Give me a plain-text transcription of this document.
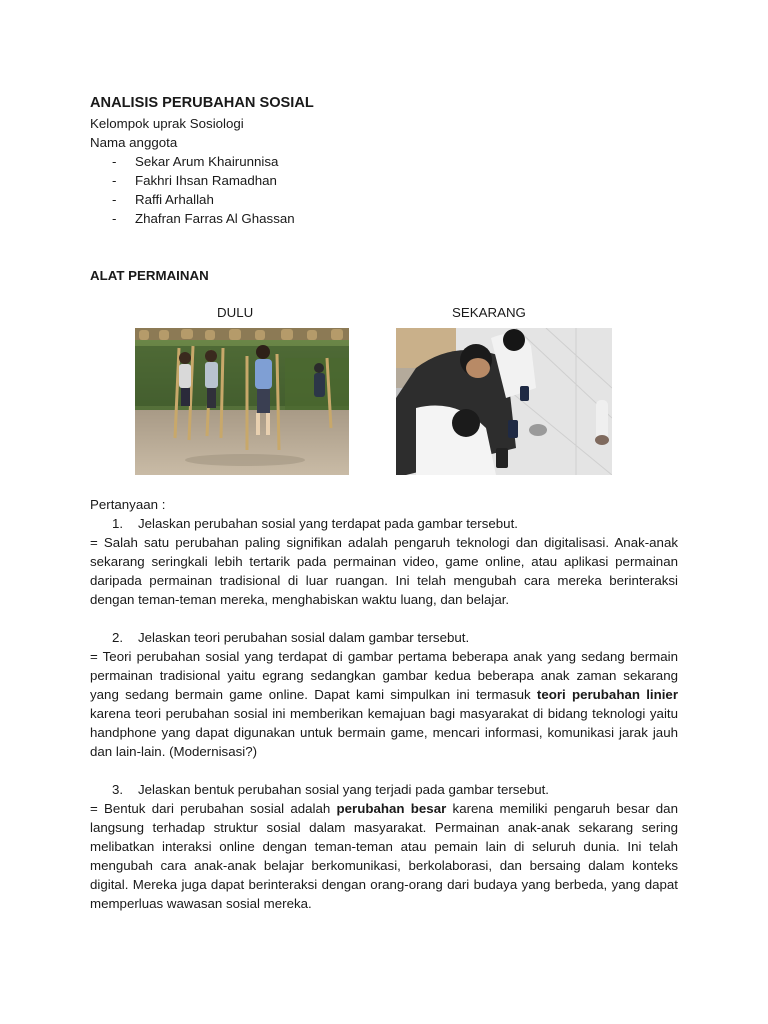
ANALISIS PERUBAHAN SOSIAL

Kelompok uprak Sosiologi

Nama anggota

- Sekar Arum Khairunnisa
- Fakhri Ihsan Ramadhan
- Raffi Arhallah
- Zhafran Farras Al Ghassan
ALAT PERMAINAN
DULU	SEKARANG
Pertanyaan :
1. Jelaskan perubahan sosial yang terdapat pada gambar tersebut.

= Salah satu perubahan paling signifikan adalah pengaruh teknologi dan digitalisasi. Anak-anak sekarang seringkali lebih tertarik pada permainan video, game online, atau aplikasi permainan daripada permainan tradisional di luar ruangan. Ini telah mengubah cara mereka berinteraksi dengan teman-teman mereka, menghabiskan waktu luang, dan belajar.

2. Jelaskan teori perubahan sosial dalam gambar tersebut.

= Teori perubahan sosial yang terdapat di gambar pertama beberapa anak yang sedang bermain permainan tradisional yaitu egrang sedangkan gambar kedua beberapa anak zaman sekarang yang sedang bermain game online. Dapat kami simpulkan ini termasuk teori perubahan linier karena teori perubahan sosial ini memberikan kemajuan bagi masyarakat di bidang teknologi yaitu handphone yang dapat digunakan untuk bermain game, mencari informasi, komunikasi jarak jauh dan lain-lain. (Modernisasi?)

3. Jelaskan bentuk perubahan sosial yang terjadi pada gambar tersebut.

= Bentuk dari perubahan sosial adalah perubahan besar karena memiliki pengaruh besar dan langsung terhadap struktur sosial dalam masyarakat. Permainan anak-anak sekarang sering melibatkan interaksi online dengan teman-teman atau pemain lain di seluruh dunia. Ini telah mengubah cara anak-anak belajar berkomunikasi, berkolaborasi, dan bersaing dalam konteks digital. Mereka juga dapat berinteraksi dengan orang-orang dari budaya yang berbeda, yang dapat memperluas wawasan sosial mereka.
